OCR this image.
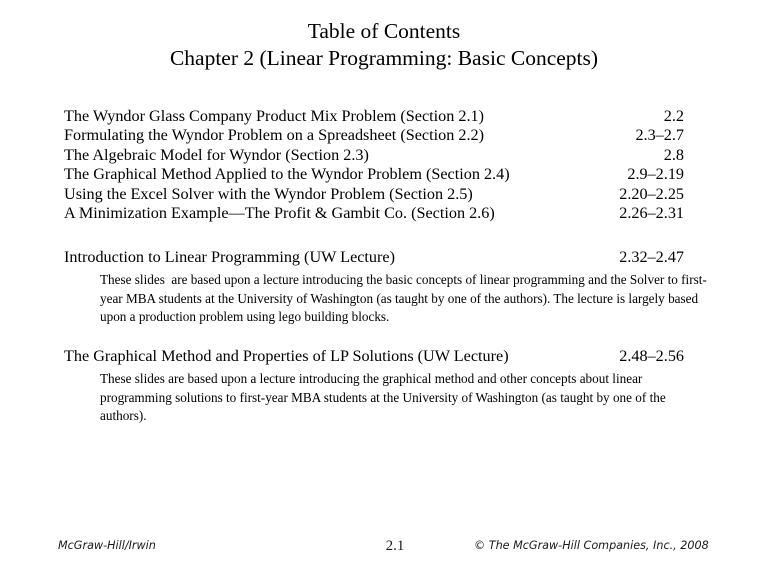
Table of Contents
Chapter 2 (Linear Programming: Basic Concepts)
The Wyndor Glass Company Product Mix Problem (Section 2.1)	2.2
Formulating the Wyndor Problem on a Spreadsheet (Section 2.2)	2.3–2.7
The Algebraic Model for Wyndor (Section 2.3)	2.8
The Graphical Method Applied to the Wyndor Problem (Section 2.4)	2.9–2.19
Using the Excel Solver with the Wyndor Problem (Section 2.5)	2.20–2.25
A Minimization Example—The Profit & Gambit Co. (Section 2.6)	2.26–2.31
Introduction to Linear Programming (UW Lecture)	2.32–2.47
These slides  are based upon a lecture introducing the basic concepts of linear programming and the Solver to first-year MBA students at the University of Washington (as taught by one of the authors). The lecture is largely based upon a production problem using lego building blocks.
The Graphical Method and Properties of LP Solutions (UW Lecture)	2.48–2.56
These slides are based upon a lecture introducing the graphical method and other concepts about linear programming solutions to first-year MBA students at the University of Washington (as taught by one of the authors).
McGraw-Hill/Irwin	2.1	© The McGraw-Hill Companies, Inc., 2008
